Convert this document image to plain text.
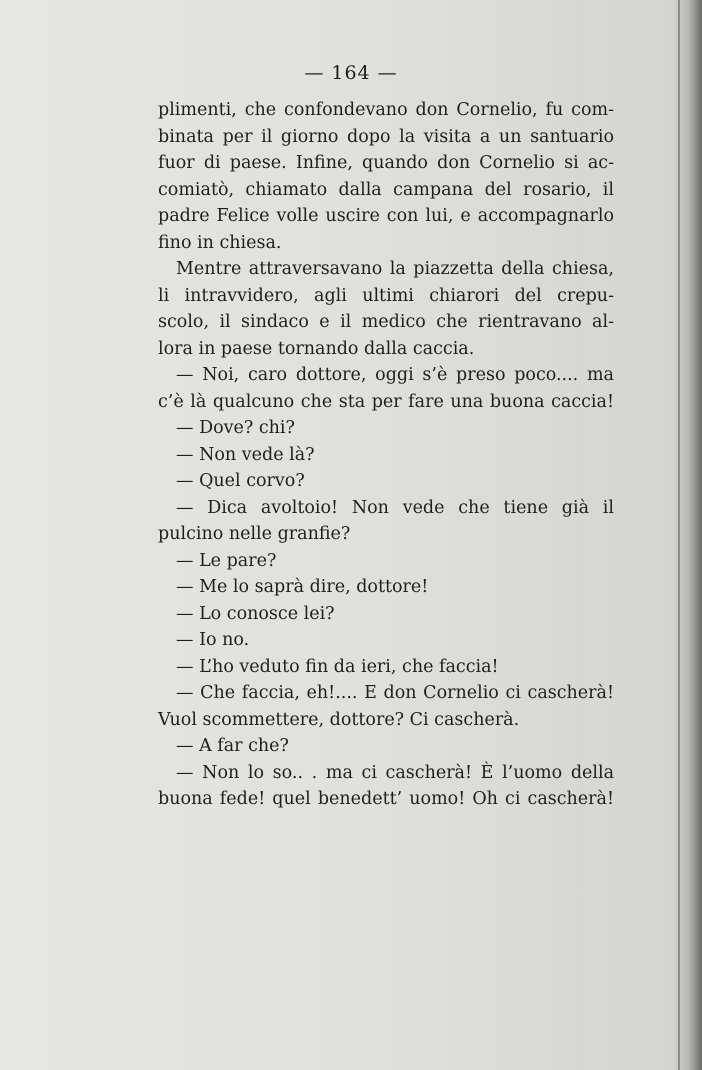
— 164 —
plimenti, che confondevano don Cornelio, fu com-
binata per il giorno dopo la visita a un santuario
fuor di paese. Infine, quando don Cornelio si ac-
comiatò, chiamato dalla campana del rosario, il
padre Felice volle uscire con lui, e accompagnarlo
fino in chiesa.
Mentre attraversavano la piazzetta della chiesa,
li intravvidero, agli ultimi chiarori del crepu-
scolo, il sindaco e il medico che rientravano al-
lora in paese tornando dalla caccia.
— Noi, caro dottore, oggi s’è preso poco.... ma
c’è là qualcuno che sta per fare una buona caccia!
— Dove? chi?
— Non vede là?
— Quel corvo?
— Dica avoltoio! Non vede che tiene già il
pulcino nelle granfie?
— Le pare?
— Me lo saprà dire, dottore!
— Lo conosce lei?
— Io no.
— L’ho veduto fin da ieri, che faccia!
— Che faccia, eh!.... E don Cornelio ci cascherà!
Vuol scommettere, dottore? Ci cascherà.
— A far che?
— Non lo so.. . ma ci cascherà! È l’uomo della
buona fede! quel benedett’ uomo! Oh ci cascherà!
